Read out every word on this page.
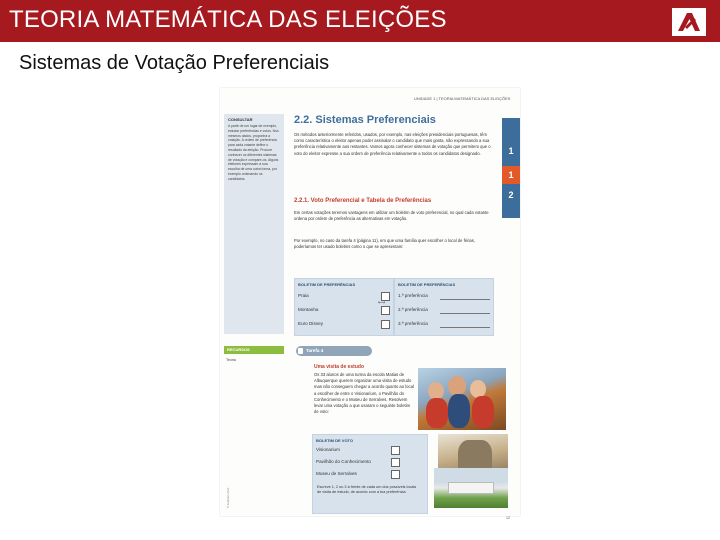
TEORIA MATEMÁTICA DAS ELEIÇÕES
Sistemas de Votação Preferenciais
UNIDADE 1 | TEORIA MATEMÁTICA DAS ELEIÇÕES
CONSULTAR
A partir de um lugar de exemplo, estudar preferências e votos. Nos mesmos dados, proponha a votação. A ordem de preferência para cada votante define o resultado da eleição. Procure conhecer os diferentes sistemas de votação e compare-os. Alguns eleitores expressam a sua escolha de uma outra forma, por exemplo ordenando os candidatos.
2.2. Sistemas Preferenciais
Os métodos anteriormente referidos, usados, por exemplo, nas eleições presidenciais portuguesas, têm como característica o eleitor apenas poder assinalar o candidato que mais gosta, não expressando a sua preferência relativamente aos restantes. Vamos agora conhecer sistemas de votação que permitem que o voto do eleitor expresse a sua ordem de preferência relativamente a todos os candidatos designado.
2.2.1. Voto Preferencial e Tabela de Preferências
Em certas votações teremos vantagens em utilizar um boletim de voto preferencial, no qual cada votante ordena por ordem de preferência as alternativas em votação.
Por exemplo, no caso da tarefa 4 (página 11), em que uma família quer escolher o local de férias, poderíamos ter usado boletins como o que se apresentam:
1
1
2
BOLETIM DE PREFERÊNCIAS
Praia
Montanha
Euro Disney
⟷
BOLETIM DE PREFERÊNCIAS
1.ª preferência
2.ª preferência
3.ª preferência
RECURSOS
Teoria
© Edições ASA
Tarefa 4
Uma visita de estudo
Os 33 alunos de uma turma da escola Matias de Albuquerque querem organizar uma visita de estudo mas não conseguem chegar a acordo quanto ao local a escolher de entre o Visionarium, o Pavilhão do Conhecimento e o Museu de Serralves. Resolvem levar uma votação a que usaram o seguinte boletim de voto:
BOLETIM DE VOTO
Visionarium
Pavilhão do Conhecimento
Museu de Serralves
Escreve 1, 2 ou 3 à frente de cada um dos possíveis locais de visita de estudo, de acordo com a tua preferência.
12
